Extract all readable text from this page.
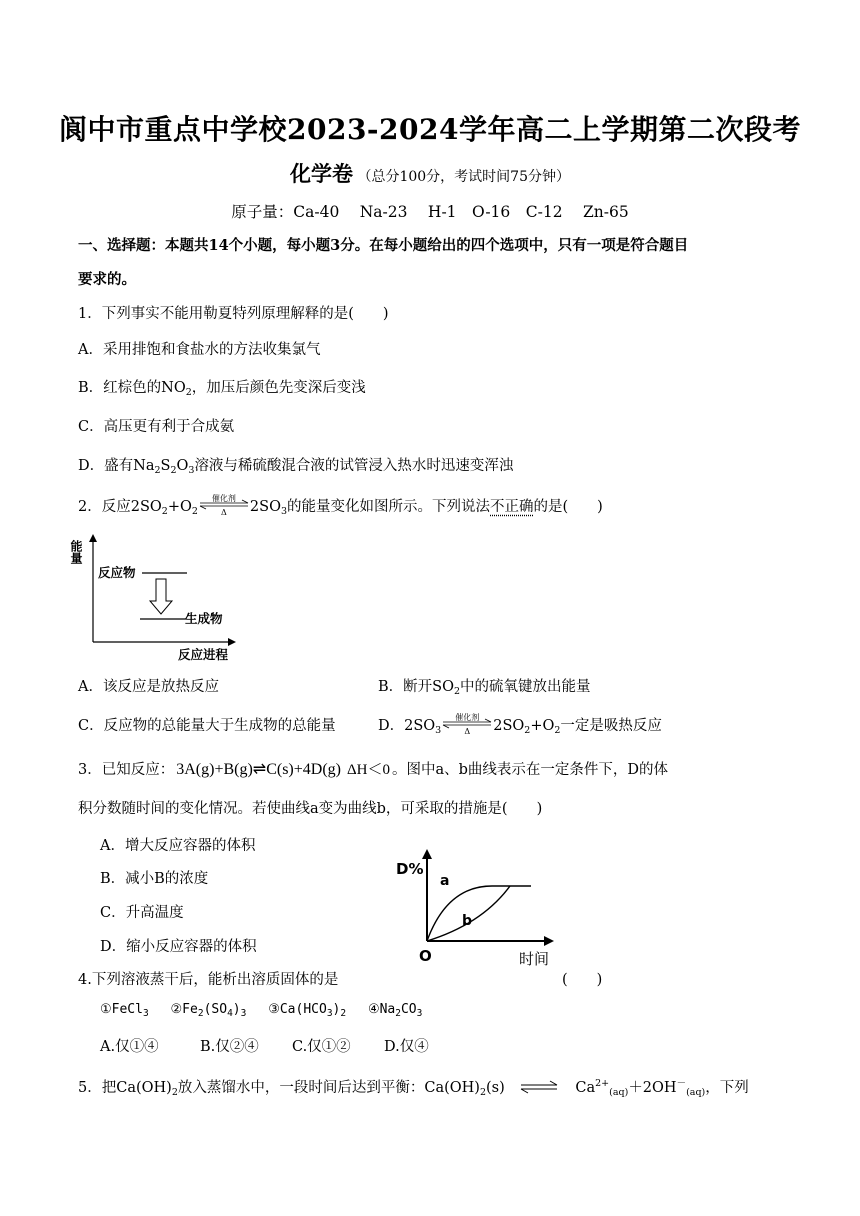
阆中市重点中学校2023-2024学年高二上学期第二次段考
化学卷 （总分100分，考试时间75分钟）
原子量：Ca-40　 Na-23　 H-1　O-16　C-12　 Zn-65
一、选择题：本题共14个小题，每小题3分。在每小题给出的四个选项中，只有一项是符合题目
要求的。
1．下列事实不能用勒夏特列原理解释的是(　　)
A．采用排饱和食盐水的方法收集氯气
B．红棕色的$NO_2$，加压后颜色先变深后变浅
C．高压更有利于合成氨
D．盛有$Na_2S_2O_3$溶液与稀硫酸混合液的试管浸入热水时迅速变浑浊
2．反应$2SO_2+O_2$
催化剂
Δ	$2SO_3$的能量变化如图所示。下列说法不正确的是(　　)
能量
反应物
生成物
反应进程
A．该反应是放热反应	B．断开$SO_2$中的硫氧键放出能量
C．反应物的总能量大于生成物的总能量	D．$2SO_3$
催化剂
Δ	$2SO_2+O_2$一定是吸热反应
3．已知反应： 3A(g)+B(g)⇌C(s)+4D(g) ΔH＜0 。图中a、b曲线表示在一定条件下，D的体
积分数随时间的变化情况。若使曲线a变为曲线b，可采取的措施是(　　)
A．增大反应容器的体积
B．减小B的浓度
C．升高温度
D．缩小反应容器的体积
D%
a
b
O	时间
4.下列溶液蒸干后，能析出溶质固体的是	(　　)
①FeCl$_3$ $②Fe_2(SO_4)_3$ $③Ca(HCO_3)_2$ $④Na_2CO_3$
A.仅①④	B.仅②④ C.仅①② D.仅④
5．把$Ca(OH)_2$放入蒸馏水中，一段时间后达到平衡：$Ca(OH)_2(s)$ ⇌ $Ca^{2+}_{(aq)}+2OH^-_{(aq)}$，下列
